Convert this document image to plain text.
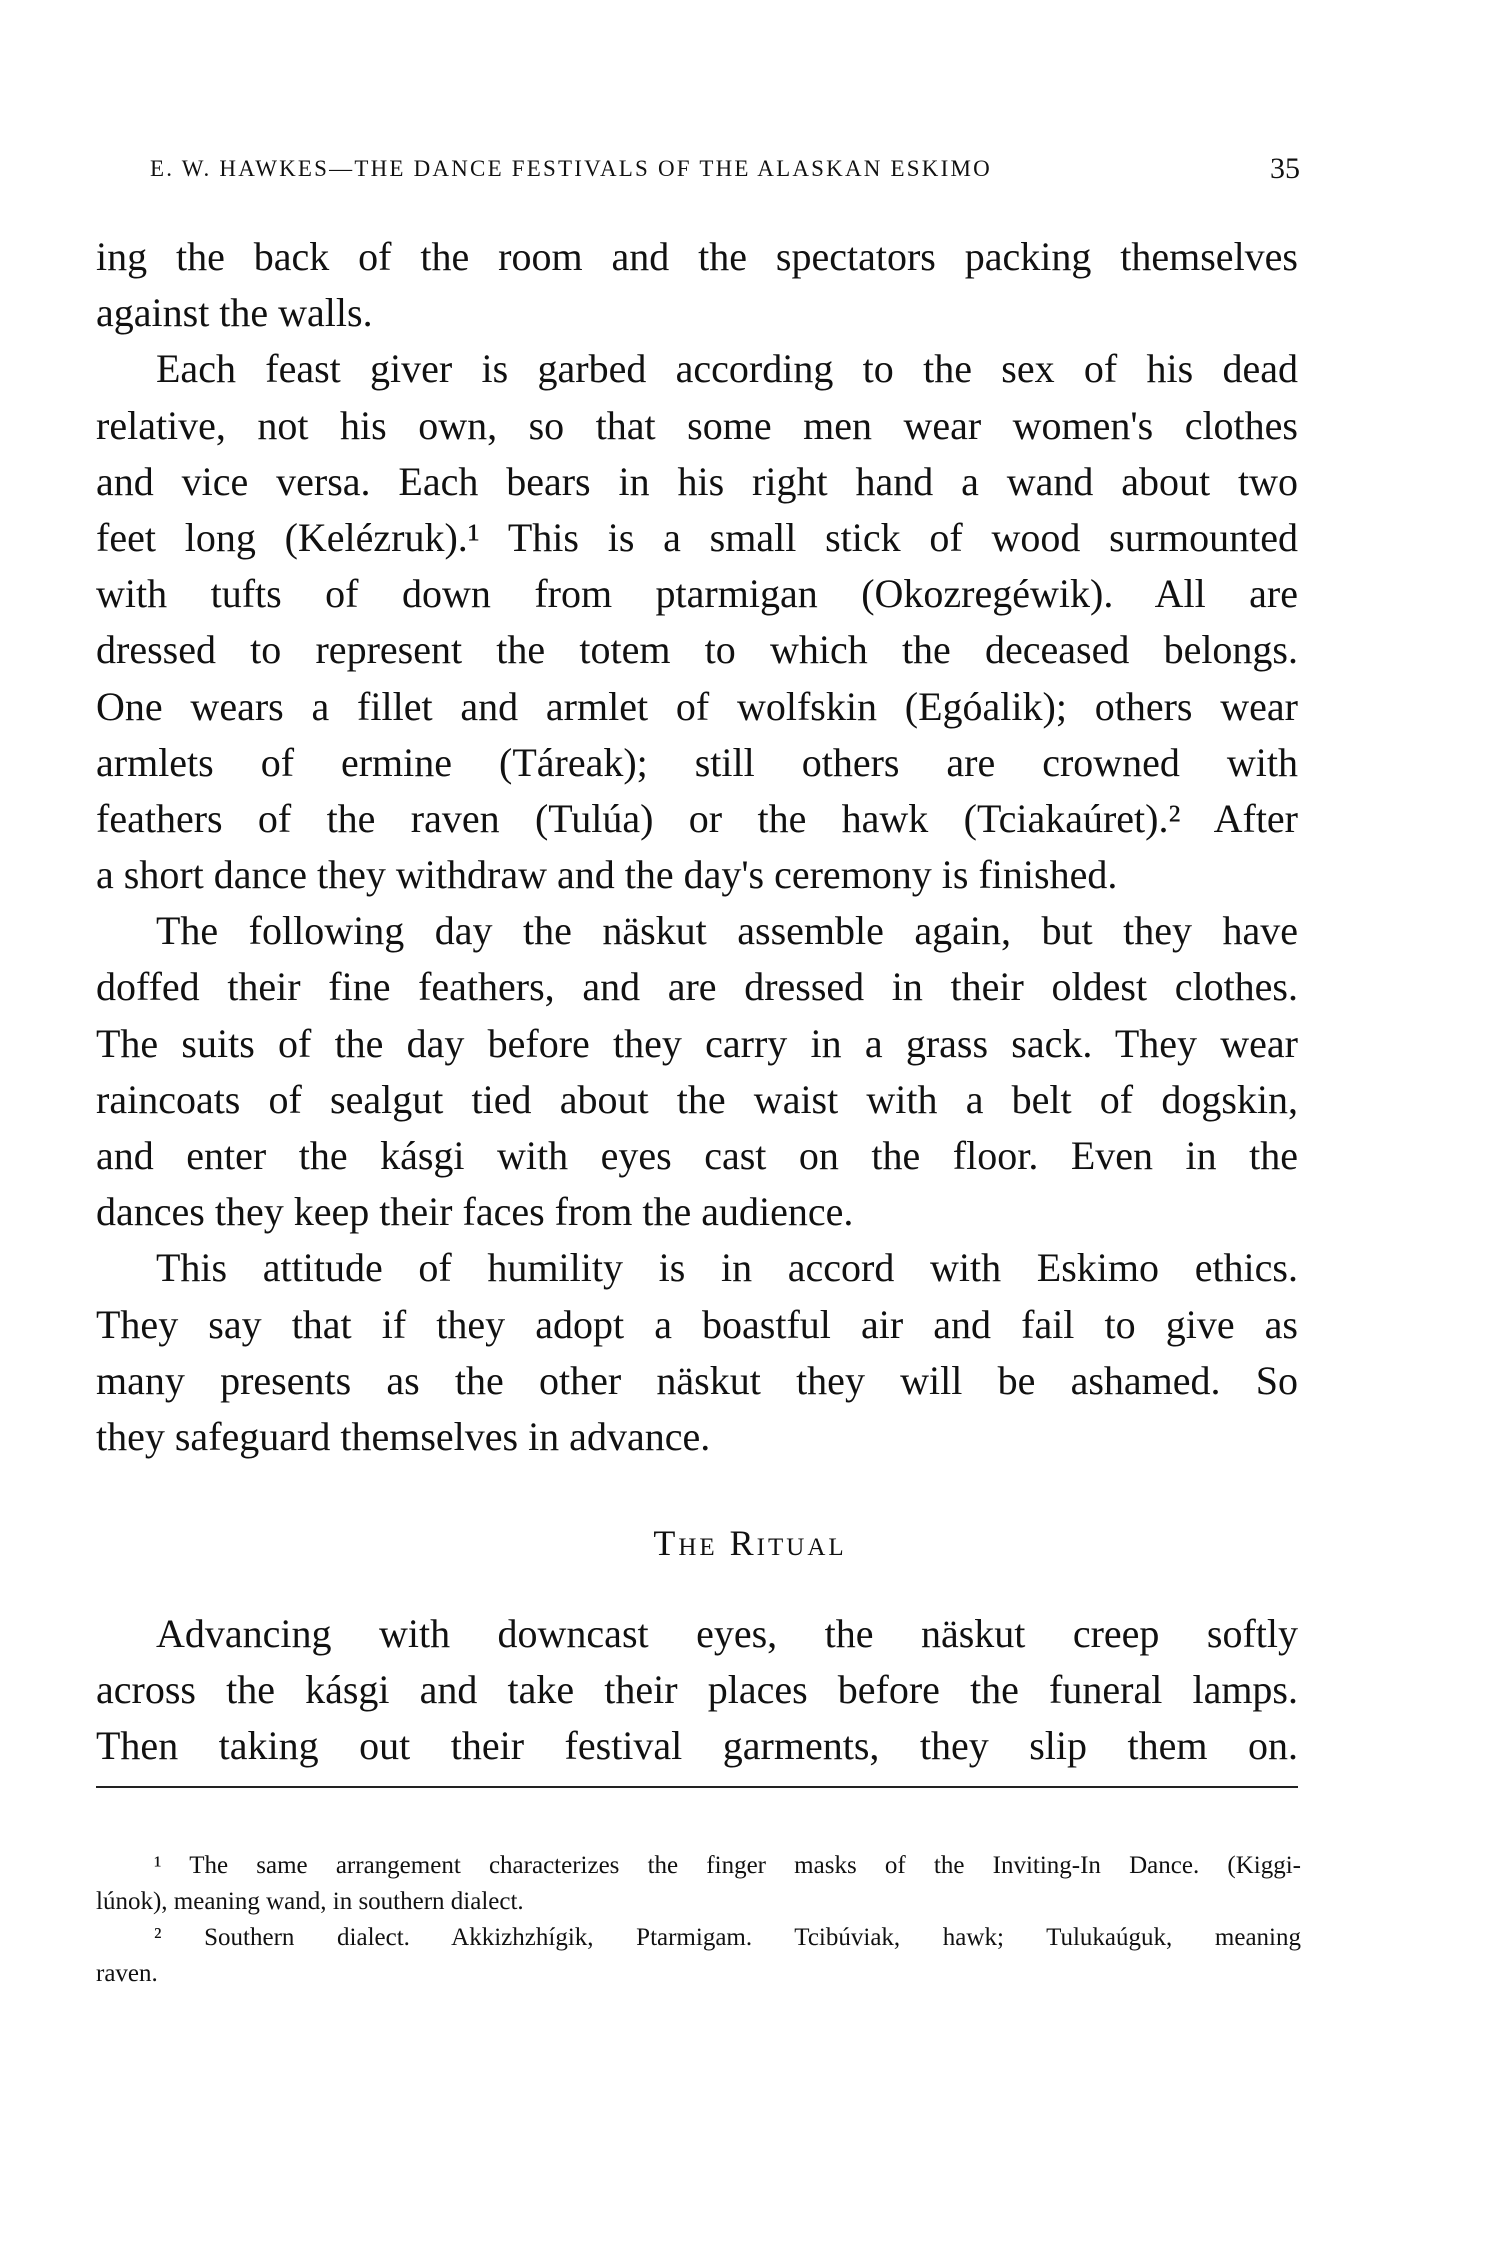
E. W. HAWKES—THE DANCE FESTIVALS OF THE ALASKAN ESKIMO	35
ing the back of the room and the spectators packing themselves
against the walls.
Each feast giver is garbed according to the sex of his dead
relative, not his own, so that some men wear women's clothes
and vice versa. Each bears in his right hand a wand about two
feet long (Kelézruk).¹ This is a small stick of wood surmounted
with tufts of down from ptarmigan (Okozregéwik). All are
dressed to represent the totem to which the deceased belongs.
One wears a fillet and armlet of wolfskin (Egóalik); others wear
armlets of ermine (Táreak); still others are crowned with
feathers of the raven (Tulúa) or the hawk (Tciakaúret).² After
a short dance they withdraw and the day's ceremony is finished.
The following day the näskut assemble again, but they have
doffed their fine feathers, and are dressed in their oldest clothes.
The suits of the day before they carry in a grass sack. They wear
raincoats of sealgut tied about the waist with a belt of dogskin,
and enter the kásgi with eyes cast on the floor. Even in the
dances they keep their faces from the audience.
This attitude of humility is in accord with Eskimo ethics.
They say that if they adopt a boastful air and fail to give as
many presents as the other näskut they will be ashamed. So
they safeguard themselves in advance.
The Ritual
Advancing with downcast eyes, the näskut creep softly
across the kásgi and take their places before the funeral lamps.
Then taking out their festival garments, they slip them on.
¹ The same arrangement characterizes the finger masks of the Inviting-In Dance. (Kiggi-
lúnok), meaning wand, in southern dialect.
² Southern dialect. Akkizhzhígik, Ptarmigam. Tcibúviak, hawk; Tulukaúguk, meaning
raven.
